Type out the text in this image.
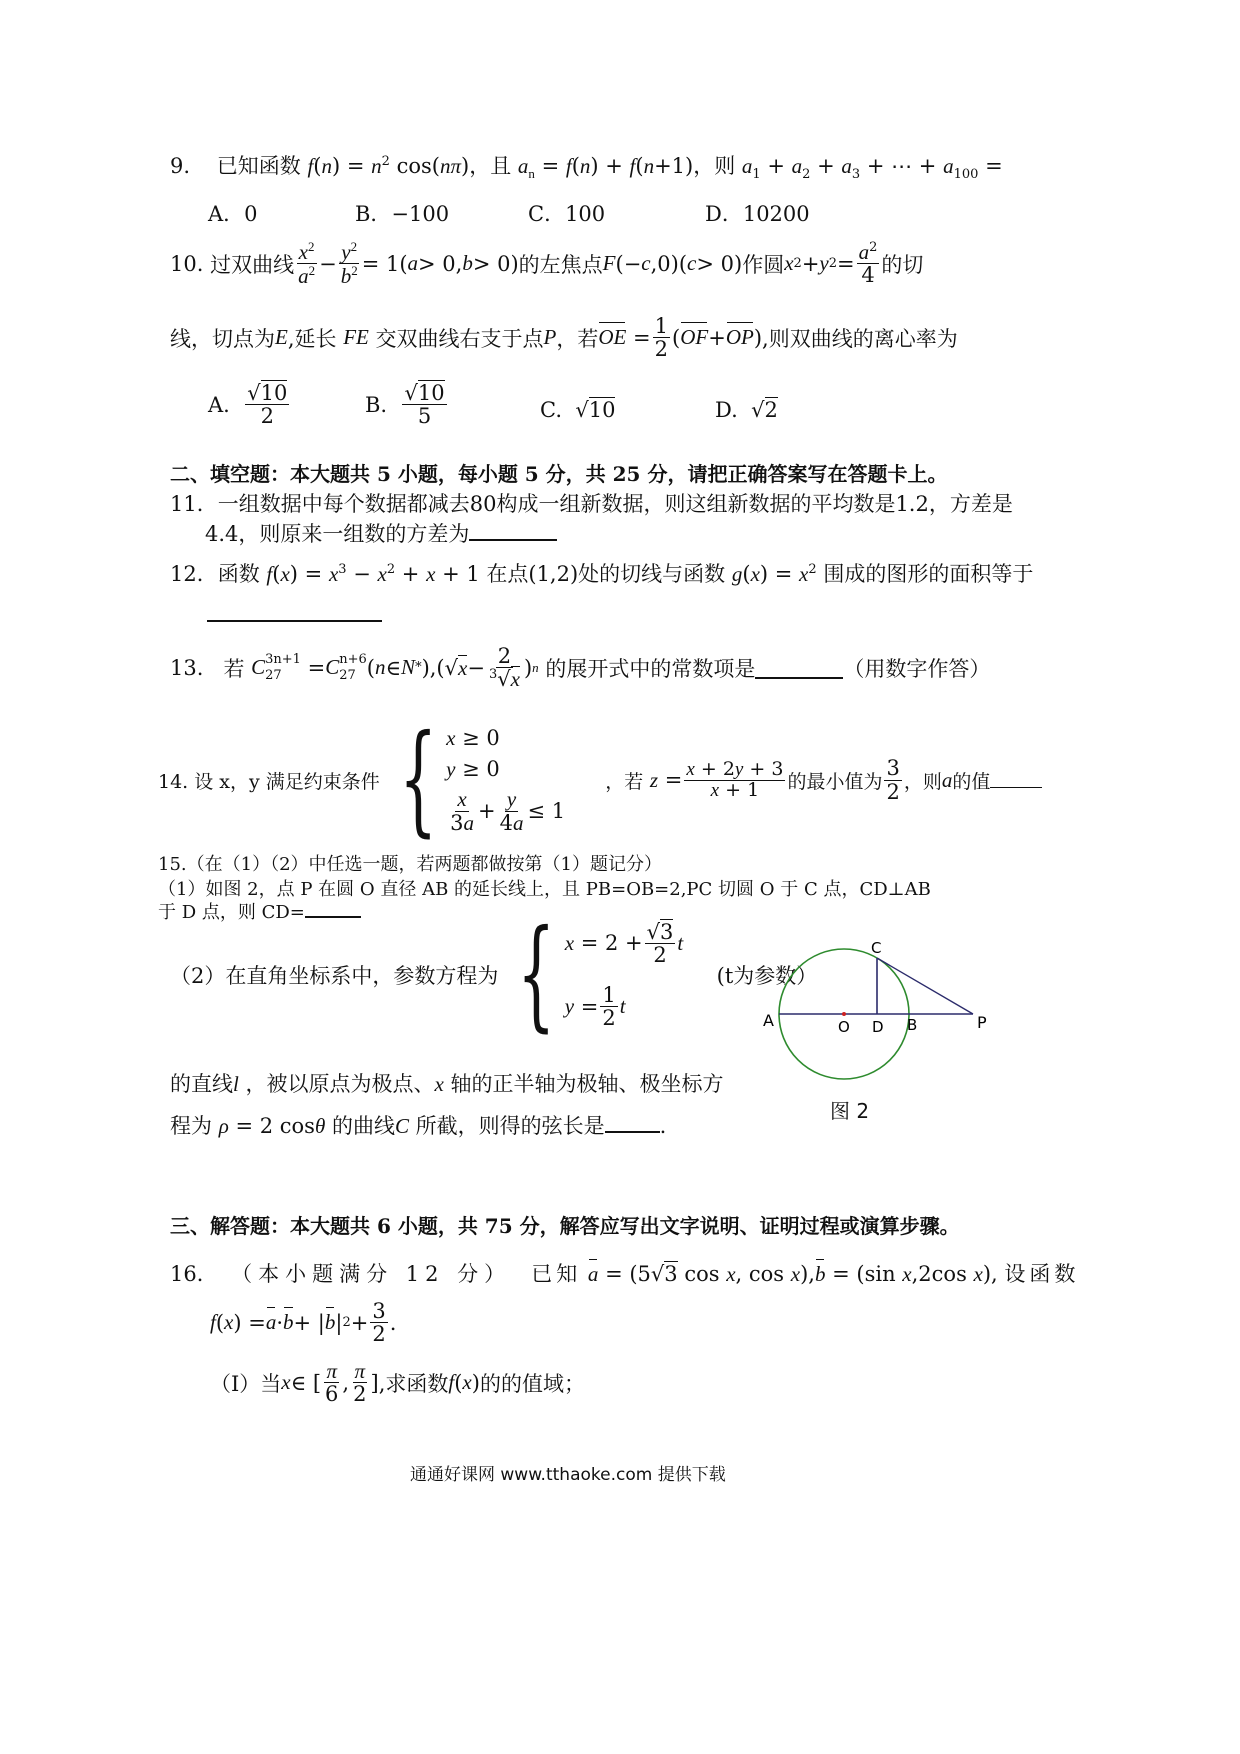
9. 已知函数 $f(n) = n^2$ cos(nπ)，且 $a_n = f(n) + f(n+1)$，则 $a_1 + a_2 + a_3$ + ⋯ + $a_{100}$ =
A．0	B．−100	C．100	D．10200
10.
过双曲线 $\frac{x^2}{a^2} - \frac{y^2}{b^2} = 1$( a > 0, b > 0) 的左焦点 F (− c ,0)( c > 0) 作圆 x 2 + y $2 = \frac{a^2}{4}$ 的切
线，切点为 E ,延长
FE
交双曲线右支于点 P ，若 OE = $\frac{1}{2}$ ( OF + OP ) ,则双曲线的离心率为
A.
$\frac{√10}{2}$	B.
$\frac{√10}{5}$	C.  √10	D.  √2
二、填空题：本大题共 5 小题，每小题 5 分，共 25 分，请把正确答案写在答题卡上。
11．一组数据中每个数据都减去80构成一组新数据，则这组新数据的平均数是1.2，方差是
4.4，则原来一组数的方差为
12．函数 $f(x) = x^3 - x^2 + x + 1$ 在点(1,2)处的切线与函数 $g(x) = x^2$ 围成的图形的面积等于
13.
若
C 3n+1
27 = C n+6
27 ( n ∈ N * ),(√ $x - \frac{2}{^3√x}$ ) n
的展开式中的常数项是	（用数字作答）
14. 设 x，y 满足约束条件 { x ≥ 0
y ≥ 0
$\frac{x}{3a} + \frac{y}{4a} \le 1$

，若
$z = \frac{x + 2y + 3}{x + 1}$ 的最小值为 $\frac{3}{2}$ ，则 a 的值
15.（在（1）（2）中任选一题，若两题都做按第（1）题记分）
（1）如图 2，点 P 在圆 O 直径 AB 的延长线上，且 PB=OB=2,PC 切圆 O 于 C 点，CD⊥AB
于 D 点，则 CD=
（2）在直角坐标系中，参数方程为 { $x = 2 + \frac{√3}{2}$ t
$y = \frac{1}{2}$ t

(t为参数）
的直线l ，被以原点为极点、x 轴的正半轴为极轴、极坐标方
程为 ρ = 2 cosθ 的曲线C 所截，则得的弦长是	.
A	O D B	P
C
图 2
三、解答题：本大题共 6 小题，共 75 分，解答应写出文字说明、证明过程或演算步骤。
16． （本小题满分 12 分） 已知 a = (5√3 cos x, cos x),b = (sin x,2cos x), 设函数
f ( x ) = a · b + | b | $2 + \frac{3}{2}$ .
（I）当 x ∈ [ $\frac{\pi}{6}$ , $\frac{\pi}{2}$ ] ,求函数 f ( x ) 的的值域；
通通好课网 www.tthaoke.com 提供下载
